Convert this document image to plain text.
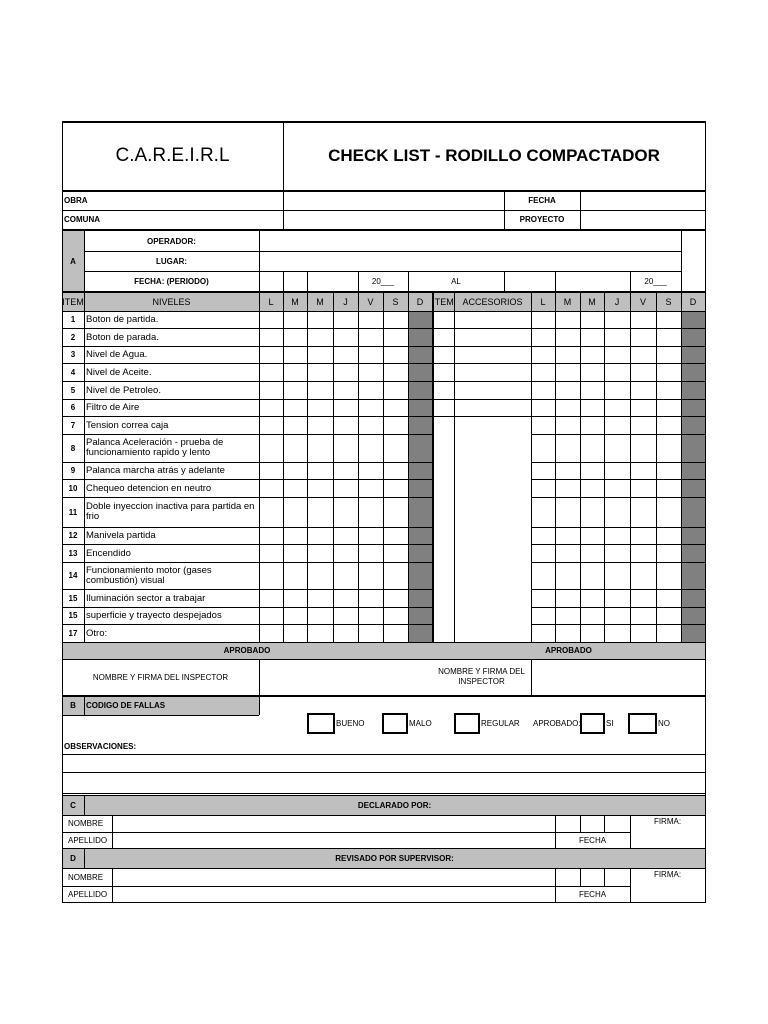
C.A.R.E.I.R.L	CHECK LIST - RODILLO COMPACTADOR
OBRA	FECHA
COMUNA	PROYECTO
A
OPERADOR:
LUGAR:
FECHA: (PERIODO)	20___	AL	20___
ITEM	NIVELES	L	M	M	J	V	S	D	ITEM ACCESORIOS	L	M	M	J	V	S	D
1	Boton de partida.
2	Boton de parada.
3	Nivel de Agua.
4	Nivel de Aceite.
5	Nivel de Petroleo.
6	Filtro de Aire
7	Tension correa caja
8	Palanca Aceleración - prueba de funcionamiento rapido y lento
9	Palanca marcha atrás y adelante
10 Chequeo detencion en neutro
11 Doble inyeccion inactiva para partida en frio
12 Manivela partida
13 Encendido
14 Funcionamiento motor (gases combustión) visual
15 Iluminación sector a trabajar
15 superficie y trayecto despejados
17 Otro:
APROBADO	APROBADO
NOMBRE Y FIRMA DEL INSPECTOR
NOMBRE Y FIRMA DEL INSPECTOR
B	CODIGO DE FALLAS
BUENO	MALO	REGULAR	APROBADO:	SI	NO
OBSERVACIONES:
C	DECLARADO POR:
NOMBRE
APELLIDO	FECHA
FIRMA:
D	REVISADO POR SUPERVISOR:
NOMBRE
APELLIDO	FECHA
FIRMA:
